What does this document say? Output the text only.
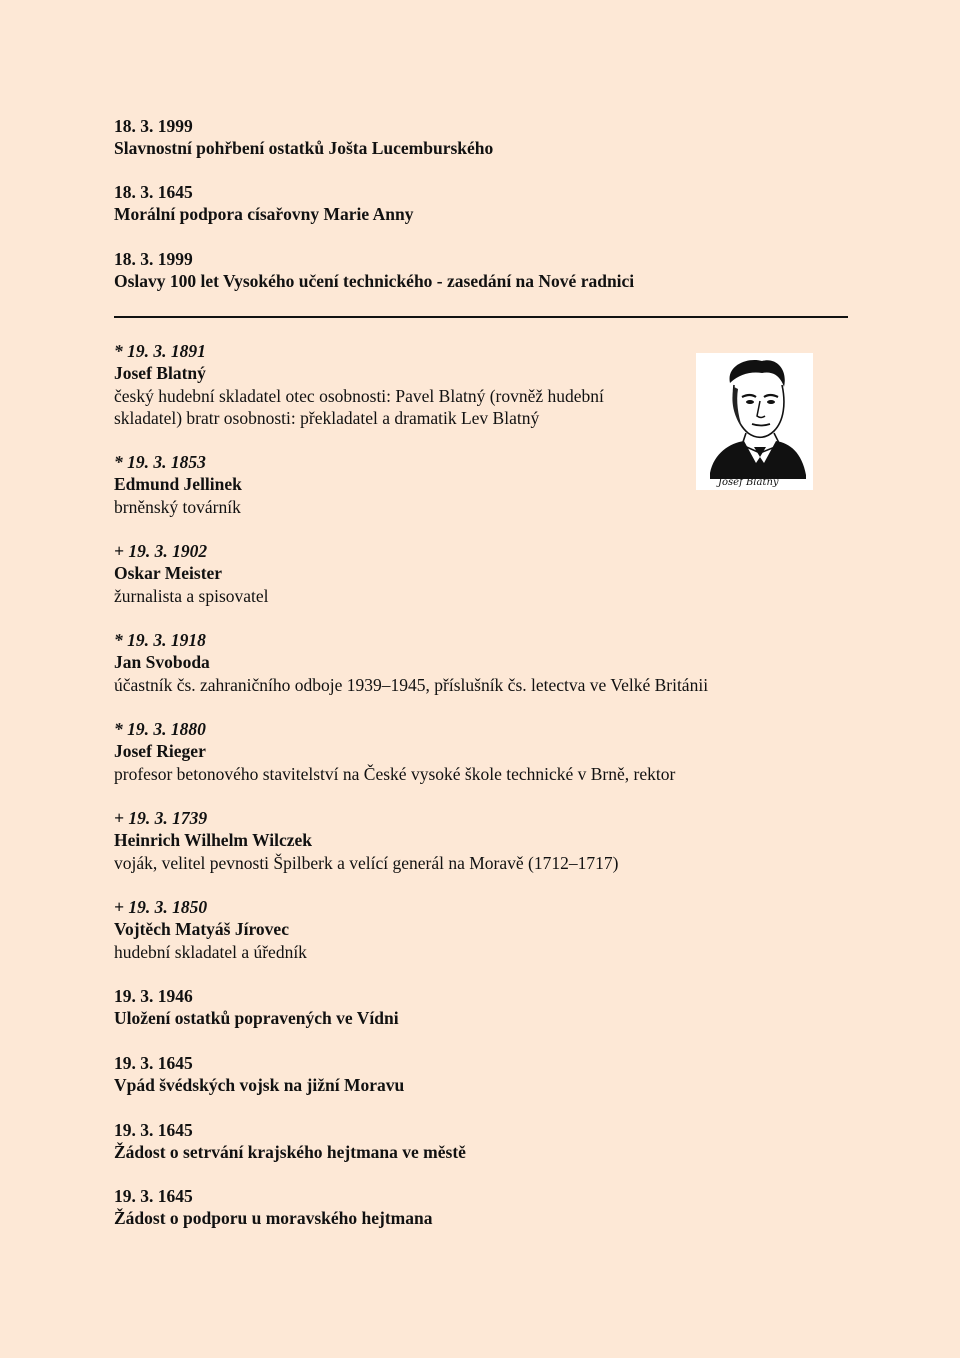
18. 3. 1999
Slavnostní pohřbení ostatků Jošta Lucemburského
18. 3. 1645
Morální podpora císařovny Marie Anny
18. 3. 1999
Oslavy 100 let Vysokého učení technického - zasedání na Nové radnici
* 19. 3. 1891
Josef Blatný
český hudební skladatel otec osobnosti: Pavel Blatný (rovněž hudební
skladatel) bratr osobnosti: překladatel a dramatik Lev Blatný
* 19. 3. 1853
Edmund Jellinek
brněnský továrník
+ 19. 3. 1902
Oskar Meister
žurnalista a spisovatel
* 19. 3. 1918
Jan Svoboda
účastník čs. zahraničního odboje 1939–1945, příslušník čs. letectva ve Velké Británii
* 19. 3. 1880
Josef Rieger
profesor betonového stavitelství na České vysoké škole technické v Brně, rektor
+ 19. 3. 1739
Heinrich Wilhelm Wilczek
voják, velitel pevnosti Špilberk a velící generál na Moravě (1712–1717)
+ 19. 3. 1850
Vojtěch Matyáš Jírovec
hudební skladatel a úředník
19. 3. 1946
Uložení ostatků popravených ve Vídni
19. 3. 1645
Vpád švédských vojsk na jižní Moravu
19. 3. 1645
Žádost o setrvání krajského hejtmana ve městě
19. 3. 1645
Žádost o podporu u moravského hejtmana
Josef Blatný
